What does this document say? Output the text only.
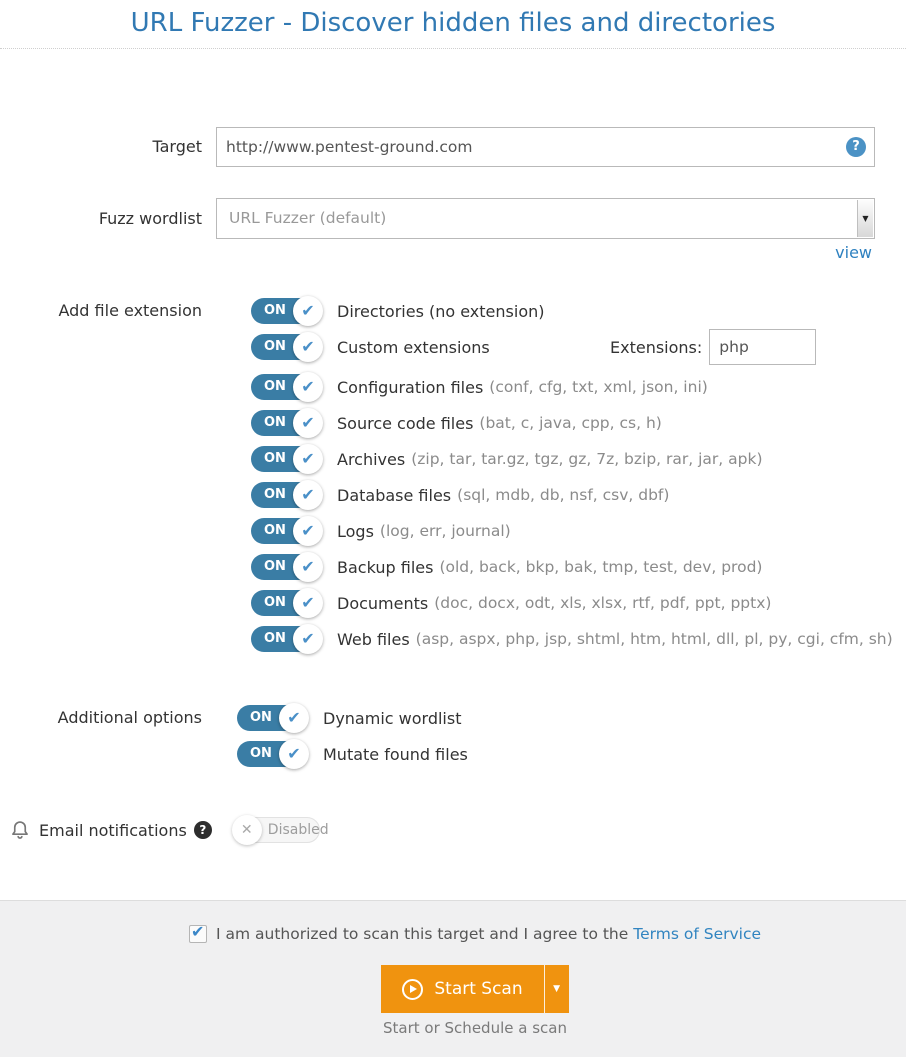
URL Fuzzer - Discover hidden files and directories
Target
http://www.pentest-ground.com	?
Fuzz wordlist	URL Fuzzer (default)	▼
view
Add file extension	ON ✔	Directories (no extension)
ON ✔	Custom extensions	Extensions:
php
ON ✔	Configuration files (conf, cfg, txt, xml, json, ini)
ON ✔	Source code files (bat, c, java, cpp, cs, h)
ON ✔	Archives (zip, tar, tar.gz, tgz, gz, 7z, bzip, rar, jar, apk)
ON ✔	Database files (sql, mdb, db, nsf, csv, dbf)
ON ✔	Logs (log, err, journal)
ON ✔	Backup files (old, back, bkp, bak, tmp, test, dev, prod)
ON ✔	Documents (doc, docx, odt, xls, xlsx, rtf, pdf, ppt, pptx)
ON ✔	Web files (asp, aspx, php, jsp, shtml, htm, html, dll, pl, py, cgi, cfm, sh)
Additional options	ON ✔	Dynamic wordlist
ON ✔	Mutate found files
Email notifications	?	✕	Disabled
✔ I am authorized to scan this target and I agree to the Terms of Service
Start Scan	▼
Start or Schedule a scan
